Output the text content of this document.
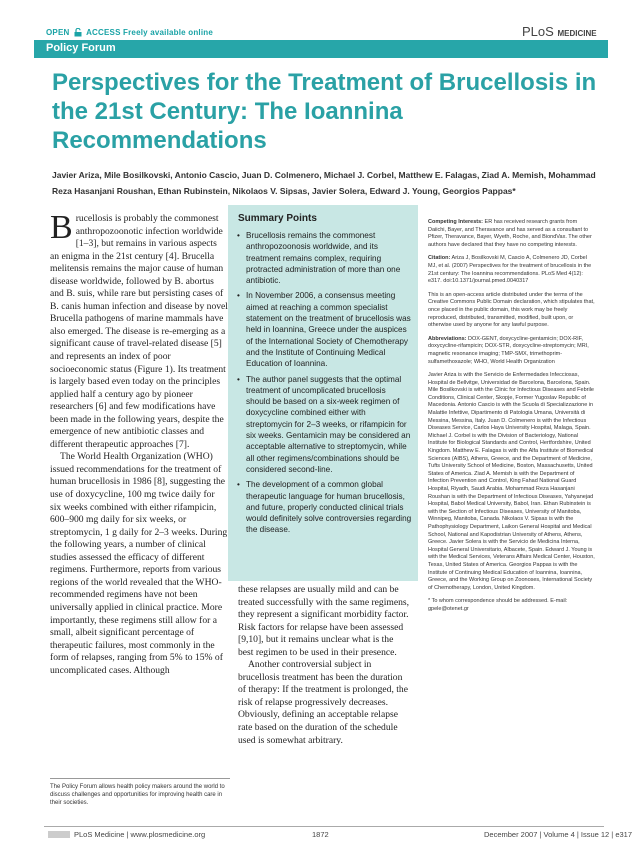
OPEN ACCESS Freely available online	PLoS MEDICINE
Policy Forum
Perspectives for the Treatment of Brucellosis in the 21st Century: The Ioannina Recommendations
Javier Ariza, Mile Bosilkovski, Antonio Cascio, Juan D. Colmenero, Michael J. Corbel, Matthew E. Falagas, Ziad A. Memish, Mohammad Reza Hasanjani Roushan, Ethan Rubinstein, Nikolaos V. Sipsas, Javier Solera, Edward J. Young, Georgios Pappas*

Brucellosis is probably the commonest anthropozoonotic infection worldwide [1–3], but remains in various aspects an enigma in the 21st century [4]. Brucella melitensis remains the major cause of human disease worldwide, followed by B. abortus and B. suis, while rare but persisting cases of B. canis human infection and disease by novel Brucella pathogens of marine mammals have also emerged. The disease is re-emerging as a significant cause of travel-related disease [5] and represents an index of poor socioeconomic status (Figure 1). Its treatment is largely based even today on the principles applied half a century ago by pioneer researchers [6] and few modifications have been made in the following years, despite the emergence of new antibiotic classes and different therapeutic approaches [7].

The World Health Organization (WHO) issued recommendations for the treatment of human brucellosis in 1986 [8], suggesting the use of doxycycline, 100 mg twice daily for six weeks combined with either rifampicin, 600–900 mg daily for six weeks, or streptomycin, 1 g daily for 2–3 weeks. During the following years, a number of clinical studies assessed the efficacy of different regimens. Furthermore, reports from various regions of the world revealed that the WHO-recommended regimens have not been universally applied in clinical practice. More importantly, these regimens still allow for a small, albeit significant percentage of therapeutic failures, most commonly in the form of relapses, ranging from 5% to 15% of uncomplicated cases. Although

Summary Points
• Brucellosis remains the commonest anthropozoonosis worldwide, and its treatment remains complex, requiring protracted administration of more than one antibiotic.
• In November 2006, a consensus meeting aimed at reaching a common specialist statement on the treatment of brucellosis was held in Ioannina, Greece under the auspices of the International Society of Chemotherapy and the Institute of Continuing Medical Education of Ioannina.
• The author panel suggests that the optimal treatment of uncomplicated brucellosis should be based on a six-week regimen of doxycycline combined either with streptomycin for 2–3 weeks, or rifampicin for six weeks. Gentamicin may be considered an acceptable alternative to streptomycin, while all other regimens/combinations should be considered second-line.
• The development of a common global therapeutic language for human brucellosis, and future, properly conducted clinical trials would definitely solve controversies regarding the disease.

these relapses are usually mild and can be treated successfully with the same regimens, they represent a significant morbidity factor. Risk factors for relapse have been assessed [9,10], but it remains unclear what is the best regimen to be used in their presence.

Another controversial subject in brucellosis treatment has been the duration of therapy: If the treatment is prolonged, the risk of relapse progressively decreases. Obviously, defining an acceptable relapse rate based on the duration of the schedule used is somewhat arbitrary.

Competing Interests: ER has received research grants from Daiichi, Bayer, and Theravance and has served as a consultant to Pfizer, Theravance, Bayer, Wyeth, Roche, and BiondVax. The other authors have declared that they have no competing interests.

Citation: Ariza J, Bosilkovski M, Cascio A, Colmenero JD, Corbel MJ, et al. (2007) Perspectives for the treatment of brucellosis in the 21st century: The Ioannina recommendations. PLoS Med 4(12): e317. doi:10.1371/journal.pmed.0040317

This is an open-access article distributed under the terms of the Creative Commons Public Domain declaration, which stipulates that, once placed in the public domain, this work may be freely reproduced, distributed, transmitted, modified, built upon, or otherwise used by anyone for any lawful purpose.

Abbreviations: DOX-GENT, doxycycline-gentamicin; DOX-RIF, doxycycline-rifampicin; DOX-STR, doxycycline-streptomycin; MRI, magnetic resonance imaging; TMP-SMX, trimethoprim-sulfamethoxazole; WHO, World Health Organization

Javier Ariza is with the Servicio de Enfermedades Infecciosas, Hospital de Bellvitge, Universidad de Barcelona, Barcelona, Spain. Mile Bosilkovski is with the Clinic for Infectious Diseases and Febrile Conditions, Clinical Center, Skopje, Former Yugoslav Republic of Macedonia. Antonio Cascio is with the Scuola di Specializzazione in Malattie Infettive, Dipartimento di Patologia Umana, Università di Messina, Messina, Italy. Juan D. Colmenero is with the Infectious Diseases Service, Carlos Haya University Hospital, Malaga, Spain. Michael J. Corbel is with the Division of Bacteriology, National Institute for Biological Standards and Control, Hertfordshire, United Kingdom. Matthew E. Falagas is with the Alfa Institute of Biomedical Sciences (AIBS), Athens, Greece, and the Department of Medicine, Tufts University School of Medicine, Boston, Massachusetts, United States of America. Ziad A. Memish is with the Department of Infection Prevention and Control, King Fahad National Guard Hospital, Riyadh, Saudi Arabia. Mohammad Reza Hasanjani Roushan is with the Department of Infectious Diseases, Yahyanejad Hospital, Babol Medical University, Babol, Iran. Ethan Rubinstein is with the Section of Infectious Diseases, University of Manitoba, Winnipeg, Manitoba, Canada. Nikolaos V. Sipsas is with the Pathophysiology Department, Laikon General Hospital and Medical School, National and Kapodistrian University of Athens, Athens, Greece. Javier Solera is with the Servicio de Medicina Interna, Hospital General Universitario, Albacete, Spain. Edward J. Young is with the Medical Services, Veterans Affairs Medical Center, Houston, Texas, United States of America. Georgios Pappas is with the Institute of Continuing Medical Education of Ioannina, Ioannina, Greece, and the Working Group on Zoonoses, International Society of Chemotherapy, London, United Kingdom.

* To whom correspondence should be addressed. E-mail: gpele@otenet.gr

The Policy Forum allows health policy makers around the world to discuss challenges and opportunities for improving health care in their societies.
PLoS Medicine | www.plosmedicine.org	1872	December 2007 | Volume 4 | Issue 12 | e317
